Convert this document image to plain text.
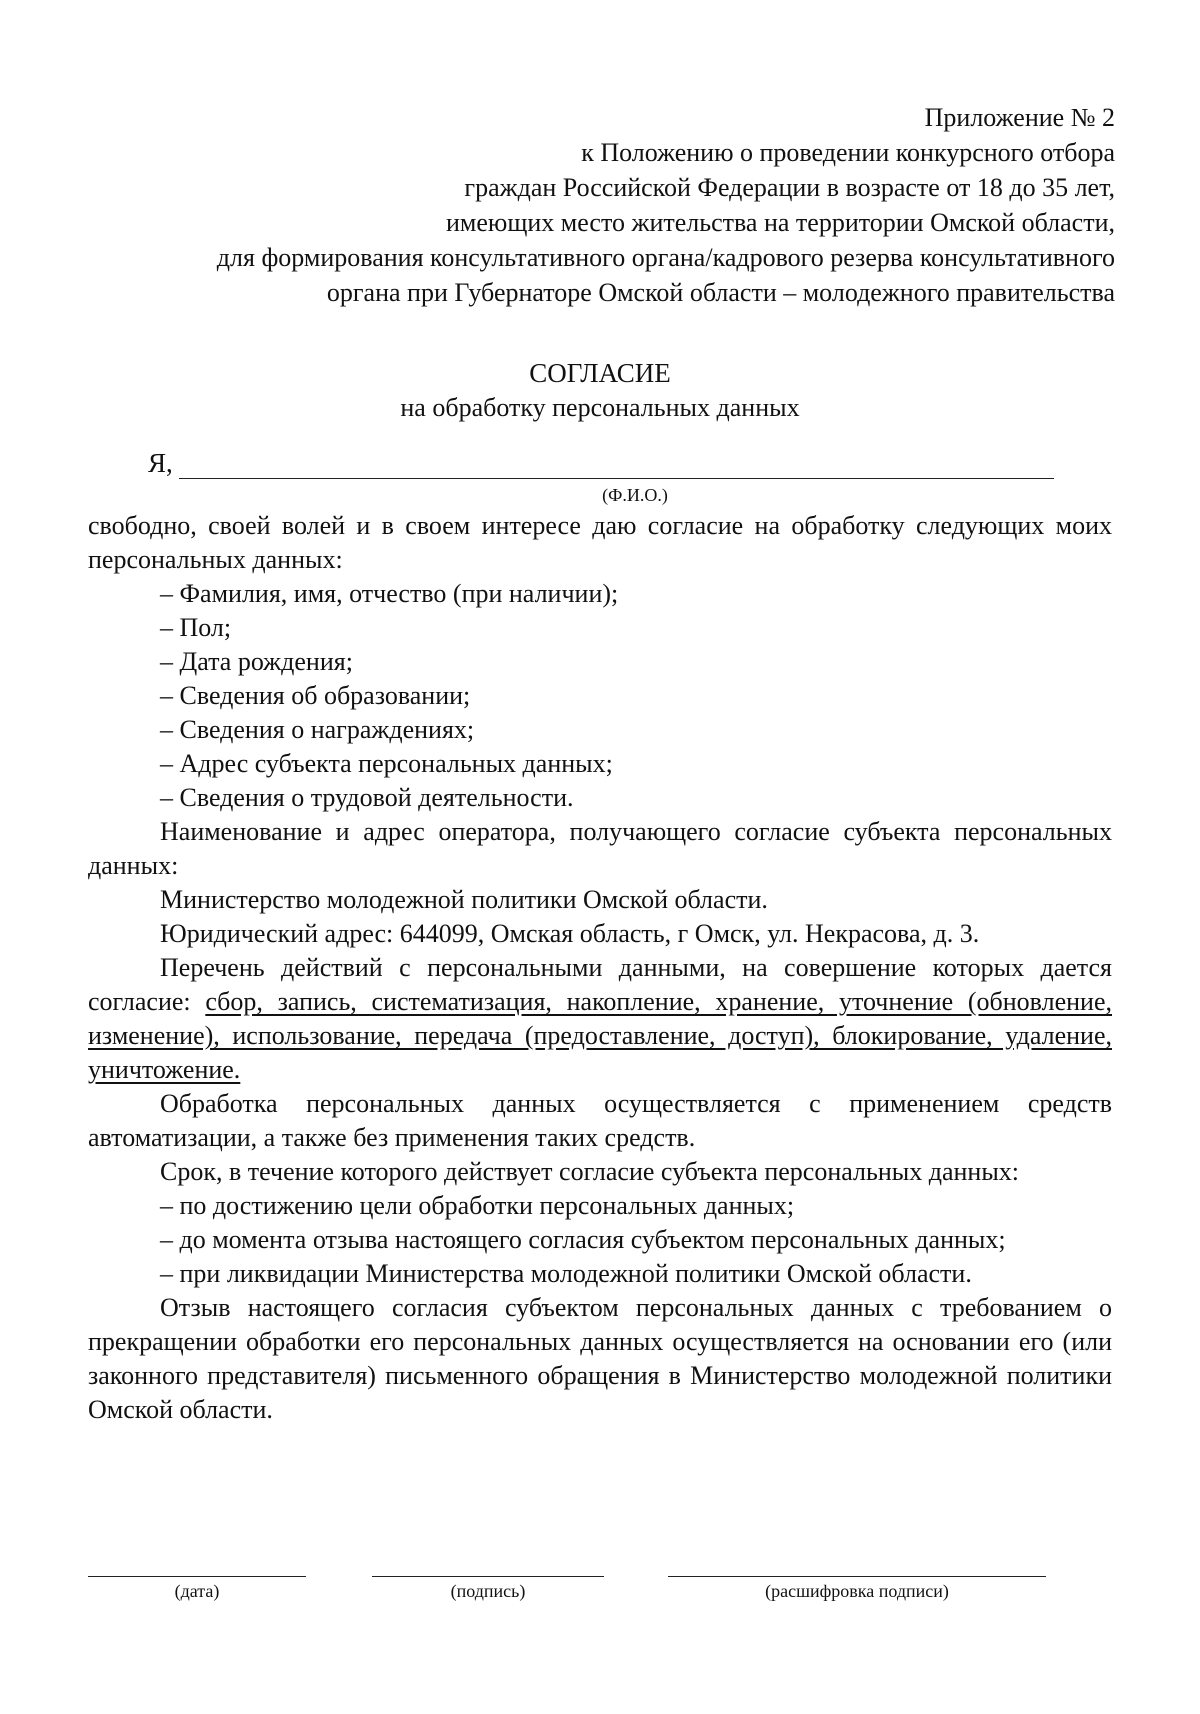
Приложение № 2
к Положению о проведении конкурсного отбора
граждан Российской Федерации в возрасте от 18 до 35 лет,
имеющих место жительства на территории Омской области,
для формирования консультативного органа/кадрового резерва консультативного
органа при Губернаторе Омской области – молодежного правительства
СОГЛАСИЕ
на обработку персональных данных
Я,
(Ф.И.О.)

свободно, своей волей и в своем интересе даю согласие на обработку следующих моих персональных данных:

– Фамилия, имя, отчество (при наличии);

– Пол;

– Дата рождения;

– Сведения об образовании;

– Сведения о награждениях;

– Адрес субъекта персональных данных;

– Сведения о трудовой деятельности.

Наименование и адрес оператора, получающего согласие субъекта персональных данных:

Министерство молодежной политики Омской области.

Юридический адрес: 644099, Омская область, г Омск, ул. Некрасова, д. 3.

Перечень действий с персональными данными, на совершение которых дается согласие: сбор, запись, систематизация, накопление, хранение, уточнение (обновление, изменение), использование, передача (предоставление, доступ), блокирование, удаление, уничтожение.

Обработка персональных данных осуществляется с применением средств автоматизации, а также без применения таких средств.

Срок, в течение которого действует согласие субъекта персональных данных:

– по достижению цели обработки персональных данных;

– до момента отзыва настоящего согласия субъектом персональных данных;

– при ликвидации Министерства молодежной политики Омской области.

Отзыв настоящего согласия субъектом персональных данных с требованием о прекращении обработки его персональных данных осуществляется на основании его (или законного представителя) письменного обращения в Министерство молодежной политики Омской области.

(дата)	(подпись)	(расшифровка подписи)
